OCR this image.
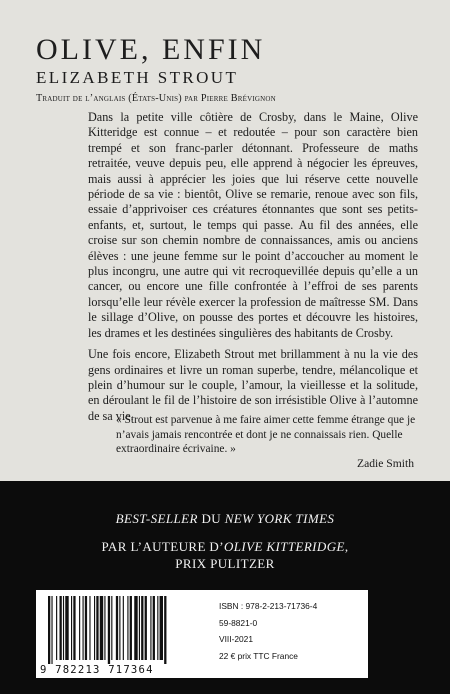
OLIVE, ENFIN
ELIZABETH STROUT
Traduit de l’anglais (États-Unis) par Pierre Brévignon

Dans la petite ville côtière de Crosby, dans le Maine, Olive Kitteridge est connue – et redoutée – pour son caractère bien trempé et son franc-parler détonnant. Professeure de maths retraitée, veuve depuis peu, elle apprend à négocier les épreuves, mais aussi à apprécier les joies que lui réserve cette nouvelle période de sa vie : bientôt, Olive se remarie, renoue avec son fils, essaie d’apprivoiser ces créatures étonnantes que sont ses petits-enfants, et, surtout, le temps qui passe. Au fil des années, elle croise sur son chemin nombre de connaissances, amis ou anciens élèves : une jeune femme sur le point d’accoucher au moment le plus incongru, une autre qui vit recroquevillée depuis qu’elle a un cancer, ou encore une fille confrontée à l’effroi de ses parents lorsqu’elle leur révèle exercer la profession de maîtresse SM. Dans le sillage d’Olive, on pousse des portes et découvre les histoires, les drames et les destinées singulières des habitants de Crosby.

Une fois encore, Elizabeth Strout met brillamment à nu la vie des gens ordinaires et livre un roman superbe, tendre, mélancolique et plein d’humour sur le couple, l’amour, la vieillesse et la solitude, en déroulant le fil de l’histoire de son irrésistible Olive à l’automne de sa vie.

« Strout est parvenue à me faire aimer cette femme étrange que je n’avais jamais rencontrée et dont je ne connaissais rien. Quelle extraordinaire écrivaine. »
Zadie Smith
BEST-SELLER DU NEW YORK TIMES
PAR L’AUTEURE D’OLIVE KITTERIDGE,
PRIX PULITZER
9 782213 717364
ISBN : 978-2-213-71736-4
59-8821-0
VIII-2021
22 € prix TTC France
